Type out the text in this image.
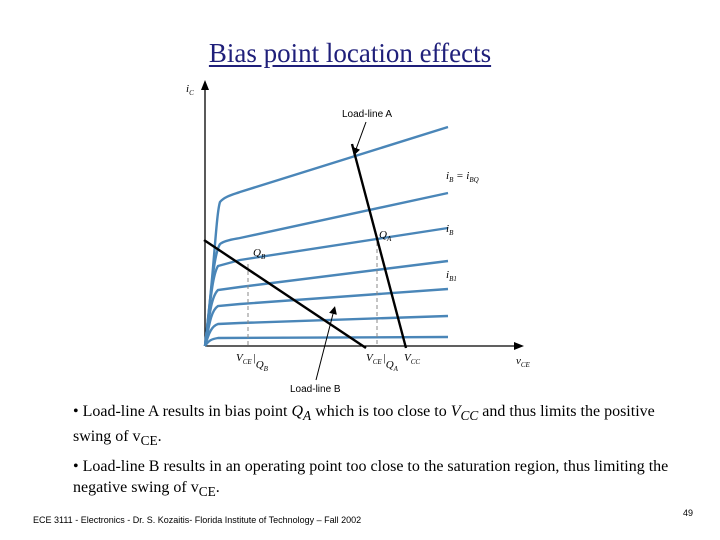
Bias point location effects
$i_C$
$v_{CE}$
Load-line A
Load-line B
$i_B = i_{BQ}$
$i_B$
$i_{B1}$
$Q_A$
$Q_B$
$V_{CE}|Q_B$
$V_{CE}|Q_A$
$V_{CC}$
• Load-line A results in bias point $Q_A$ which is too close to $V_{CC}$ and thus limits the positive swing of $v_{CE}$.
• Load-line B results in an operating point too close to the saturation region, thus limiting the negative swing of $v_{CE}$.
ECE 3111 - Electronics - Dr. S. Kozaitis- Florida Institute of Technology – Fall 2002
49
